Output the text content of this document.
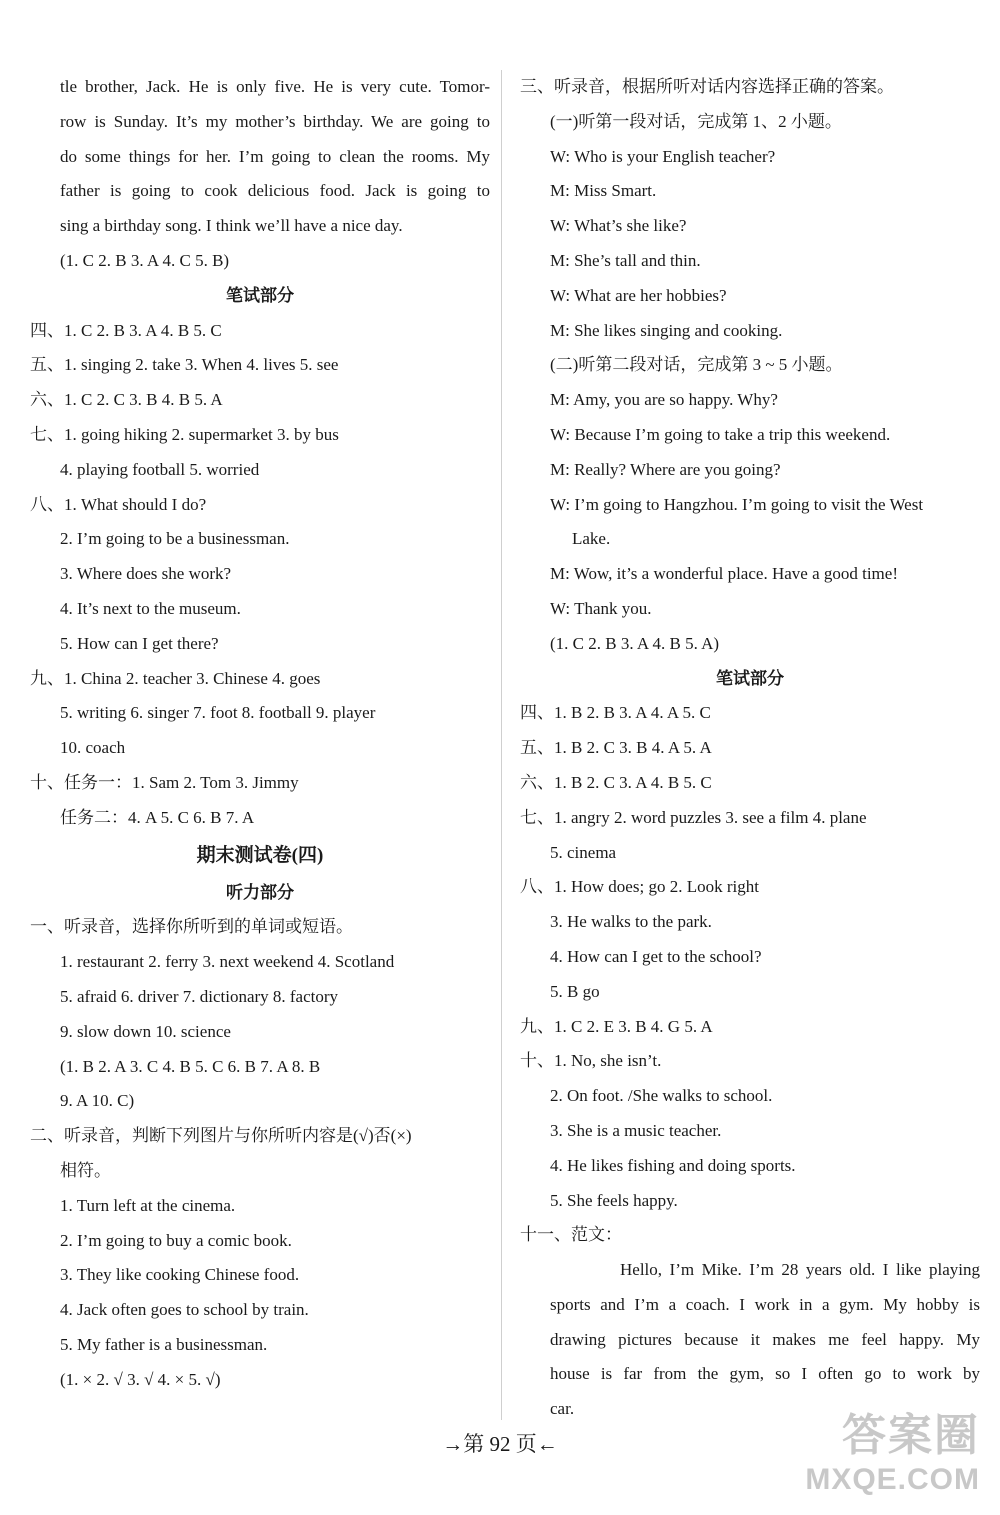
tle brother, Jack. He is only five. He is very cute. Tomor-
row is Sunday. It’s my mother’s birthday. We are going to
do some things for her. I’m going to clean the rooms. My
father is going to cook delicious food. Jack is going to
sing a birthday song. I think we’ll have a nice day.
(1. C 2. B 3. A 4. C 5. B)
笔试部分
四、1. C 2. B 3. A 4. B 5. C
五、1. singing 2. take 3. When 4. lives 5. see
六、1. C 2. C 3. B 4. B 5. A
七、1. going hiking 2. supermarket 3. by bus
4. playing football 5. worried
八、1. What should I do?
2. I’m going to be a businessman.
3. Where does she work?
4. It’s next to the museum.
5. How can I get there?
九、1. China 2. teacher 3. Chinese 4. goes
5. writing 6. singer 7. foot 8. football 9. player
10. coach
十、任务一：1. Sam 2. Tom 3. Jimmy
任务二：4. A 5. C 6. B 7. A
期末测试卷(四)
听力部分
一、听录音，选择你所听到的单词或短语。
1. restaurant 2. ferry 3. next weekend 4. Scotland
5. afraid 6. driver 7. dictionary 8. factory
9. slow down 10. science
(1. B 2. A 3. C 4. B 5. C 6. B 7. A 8. B
9. A 10. C)
二、听录音，判断下列图片与你所听内容是(√)否(×)
相符。
1. Turn left at the cinema.
2. I’m going to buy a comic book.
3. They like cooking Chinese food.
4. Jack often goes to school by train.
5. My father is a businessman.
(1. × 2. √ 3. √ 4. × 5. √)
三、听录音，根据所听对话内容选择正确的答案。
(一)听第一段对话，完成第 1、2 小题。
W: Who is your English teacher?
M: Miss Smart.
W: What’s she like?
M: She’s tall and thin.
W: What are her hobbies?
M: She likes singing and cooking.
(二)听第二段对话，完成第 3 ~ 5 小题。
M: Amy, you are so happy. Why?
W: Because I’m going to take a trip this weekend.
M: Really? Where are you going?
W: I’m going to Hangzhou. I’m going to visit the West
Lake.
M: Wow, it’s a wonderful place. Have a good time!
W: Thank you.
(1. C 2. B 3. A 4. B 5. A)
笔试部分
四、1. B 2. B 3. A 4. A 5. C
五、1. B 2. C 3. B 4. A 5. A
六、1. B 2. C 3. A 4. B 5. C
七、1. angry 2. word puzzles 3. see a film 4. plane
5. cinema
八、1. How does; go 2. Look right
3. He walks to the park.
4. How can I get to the school?
5. B go
九、1. C 2. E 3. B 4. G 5. A
十、1. No, she isn’t.
2. On foot. /She walks to school.
3. She is a music teacher.
4. He likes fishing and doing sports.
5. She feels happy.
十一、范文：
Hello, I’m Mike. I’m 28 years old. I like playing
sports and I’m a coach. I work in a gym. My hobby is
drawing pictures because it makes me feel happy. My
house is far from the gym, so I often go to work by
car.
→第 92 页←	答案圈
MXQE.COM
